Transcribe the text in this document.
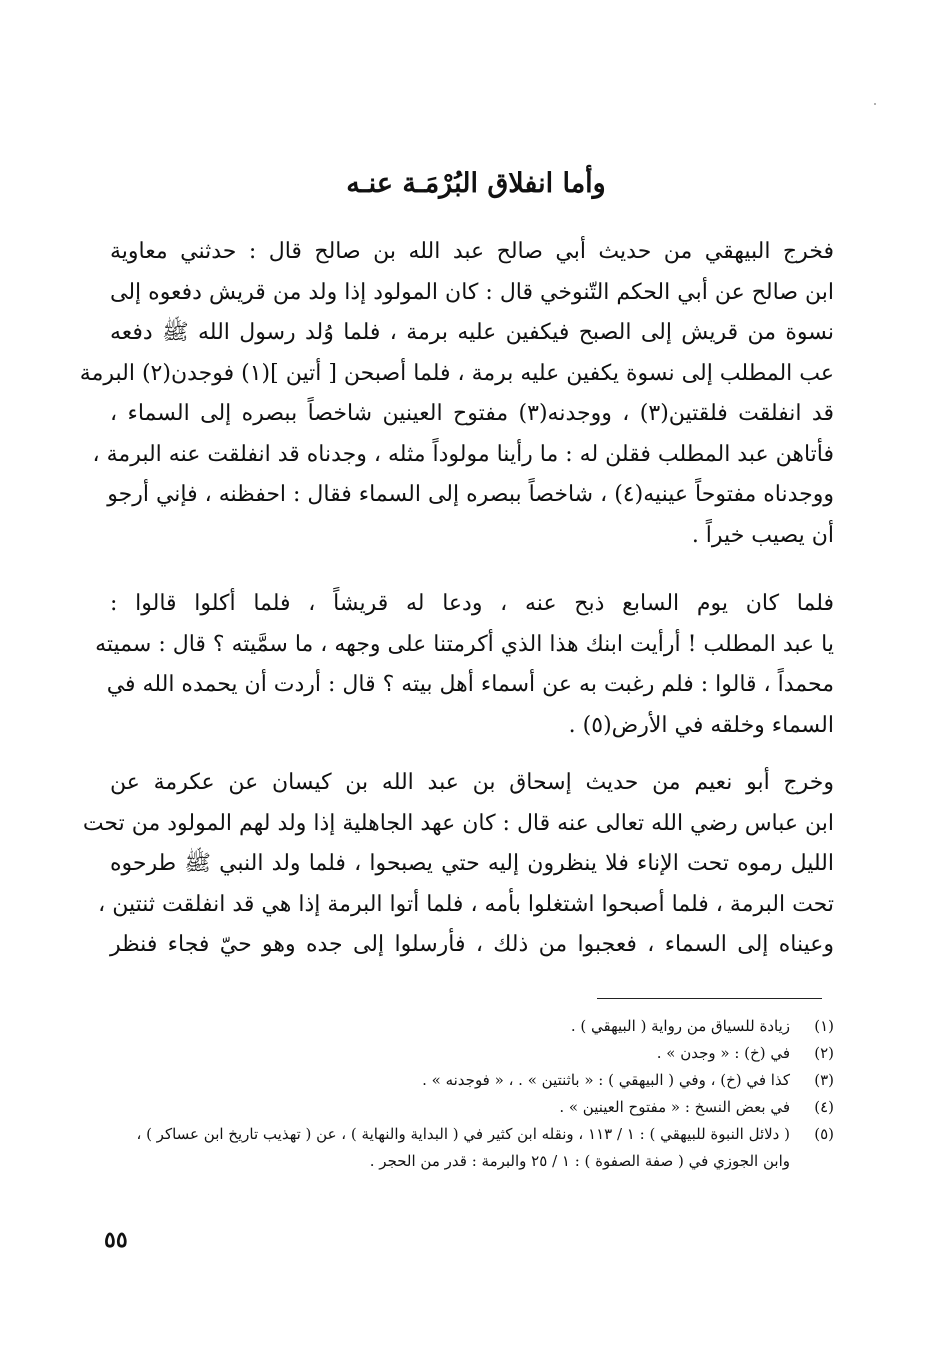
وأما انفلاق البُرْمَـة عنـه
فخرج البيهقي من حديث أبي صالح عبد الله بن صالح قال : حدثني معاوية
ابن صالح عن أبي الحكم التّنوخي قال : كان المولود إذا ولد من قريش دفعوه إلى
نسوة من قريش إلى الصبح فيكفين عليه برمة ، فلما وُلد رسول الله ﷺ دفعه
عب المطلب إلى نسوة يكفين عليه برمة ، فلما أصبحن [ أتين ](١) فوجدن(٢) البرمة
قد انفلقت فلقتين(٣) ، ووجدنه(٣) مفتوح العينين شاخصاً ببصره إلى السماء ،
فأتاهن عبد المطلب فقلن له : ما رأينا مولوداً مثله ، وجدناه قد انفلقت عنه البرمة ،
ووجدناه مفتوحاً عينيه(٤) ، شاخصاً ببصره إلى السماء فقال : احفظنه ، فإني أرجو
أن يصيب خيراً .
فلما كان يوم السابع ذبح عنه ، ودعا له قريشاً ، فلما أكلوا قالوا :
يا عبد المطلب ! أرأيت ابنك هذا الذي أكرمتنا على وجهه ، ما سمَّيته ؟ قال : سميته
محمداً ، قالوا : فلم رغبت به عن أسماء أهل بيته ؟ قال : أردت أن يحمده الله في
السماء وخلقه في الأرض(٥) .
وخرج أبو نعيم من حديث إسحاق بن عبد الله بن كيسان عن عكرمة عن
ابن عباس رضي الله تعالى عنه قال : كان عهد الجاهلية إذا ولد لهم المولود من تحت
الليل رموه تحت الإناء فلا ينظرون إليه حتي يصبحوا ، فلما ولد النبي ﷺ طرحوه
تحت البرمة ، فلما أصبحوا اشتغلوا بأمه ، فلما أتوا البرمة إذا هي قد انفلقت ثنتين ،
وعيناه إلى السماء ، فعجبوا من ذلك ، فأرسلوا إلى جده وهو حيّ فجاء فنظر
(١)
زيادة للسياق من رواية ( البيهقي ) .
(٢)
في (خ) : « وجدن » .
(٣)
كذا في (خ) ، وفي ( البيهقي ) : « باثنتين » . ، « فوجدنه » .
(٤)
في بعض النسخ : « مفتوح العينين » .
(٥)
( دلائل النبوة للبيهقي ) : ١ / ١١٣ ، ونقله ابن كثير في ( البداية والنهاية ) ، عن ( تهذيب تاريخ ابن عساكر ) ، وابن الجوزي في ( صفة الصفوة ) : ١ / ٢٥ والبرمة : قدر من الحجر .
٥٥
